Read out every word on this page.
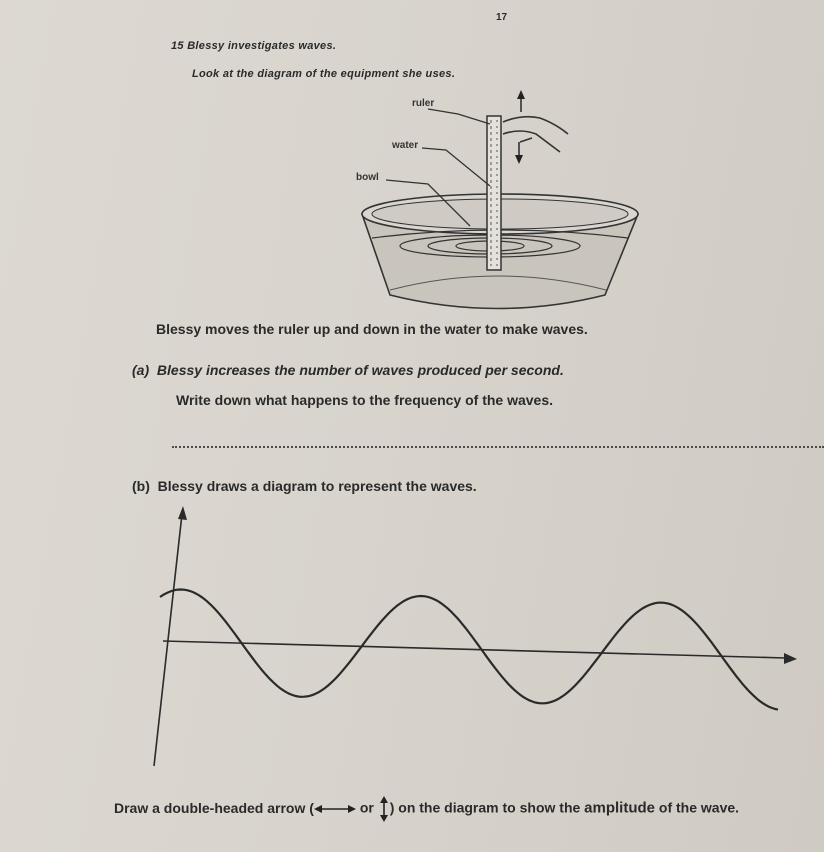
17
15 Blessy investigates waves.
Look at the diagram of the equipment she uses.
ruler
water
bowl
Blessy moves the ruler up and down in the water to make waves.
(a) Blessy increases the number of waves produced per second.
Write down what happens to the frequency of the waves.
(b) Blessy draws a diagram to represent the waves.
Draw a double-headed arrow (	or ) on the diagram to show the amplitude of the wave.
